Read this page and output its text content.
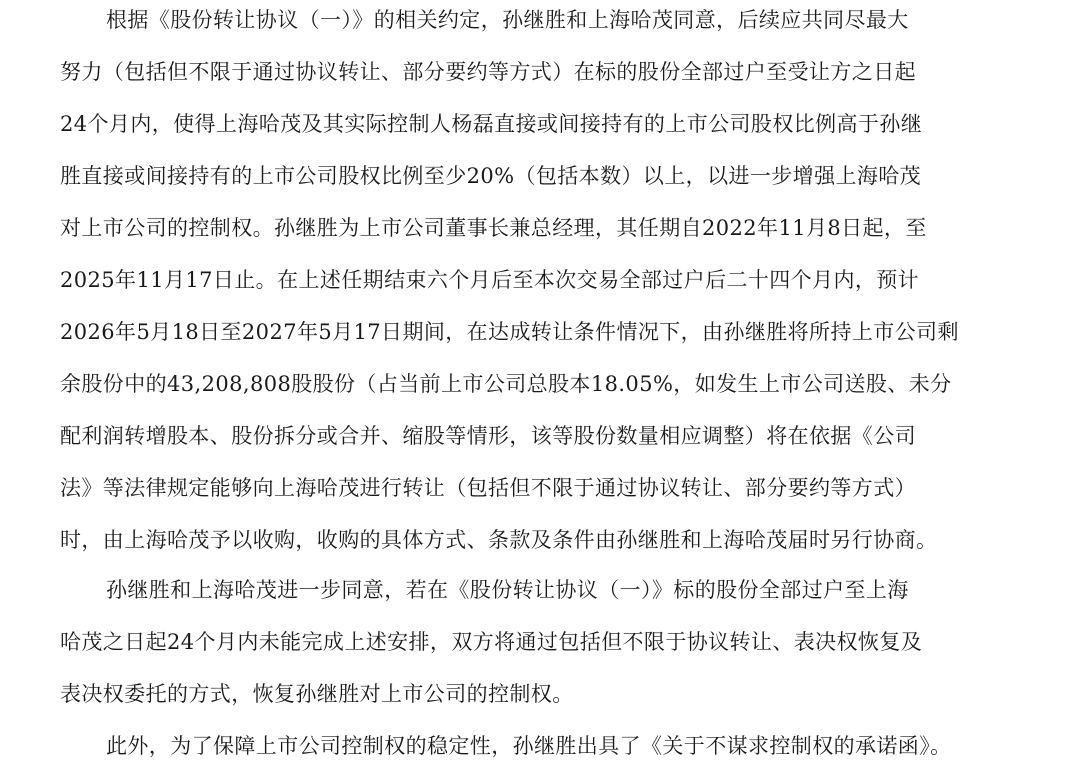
根据《股份转让协议（一）》的相关约定，孙继胜和上海哈茂同意，后续应共同尽最大
努力（包括但不限于通过协议转让、部分要约等方式）在标的股份全部过户至受让方之日起
24个月内，使得上海哈茂及其实际控制人杨磊直接或间接持有的上市公司股权比例高于孙继
胜直接或间接持有的上市公司股权比例至少20%（包括本数）以上，以进一步增强上海哈茂
对上市公司的控制权。孙继胜为上市公司董事长兼总经理，其任期自2022年11月8日起，至
2025年11月17日止。在上述任期结束六个月后至本次交易全部过户后二十四个月内，预计
2026年5月18日至2027年5月17日期间，在达成转让条件情况下，由孙继胜将所持上市公司剩
余股份中的43,208,808股股份（占当前上市公司总股本18.05%，如发生上市公司送股、未分
配利润转增股本、股份拆分或合并、缩股等情形，该等股份数量相应调整）将在依据《公司
法》等法律规定能够向上海哈茂进行转让（包括但不限于通过协议转让、部分要约等方式）
时，由上海哈茂予以收购，收购的具体方式、条款及条件由孙继胜和上海哈茂届时另行协商。
孙继胜和上海哈茂进一步同意，若在《股份转让协议（一）》标的股份全部过户至上海
哈茂之日起24个月内未能完成上述安排，双方将通过包括但不限于协议转让、表决权恢复及
表决权委托的方式，恢复孙继胜对上市公司的控制权。
此外，为了保障上市公司控制权的稳定性，孙继胜出具了《关于不谋求控制权的承诺函》。
